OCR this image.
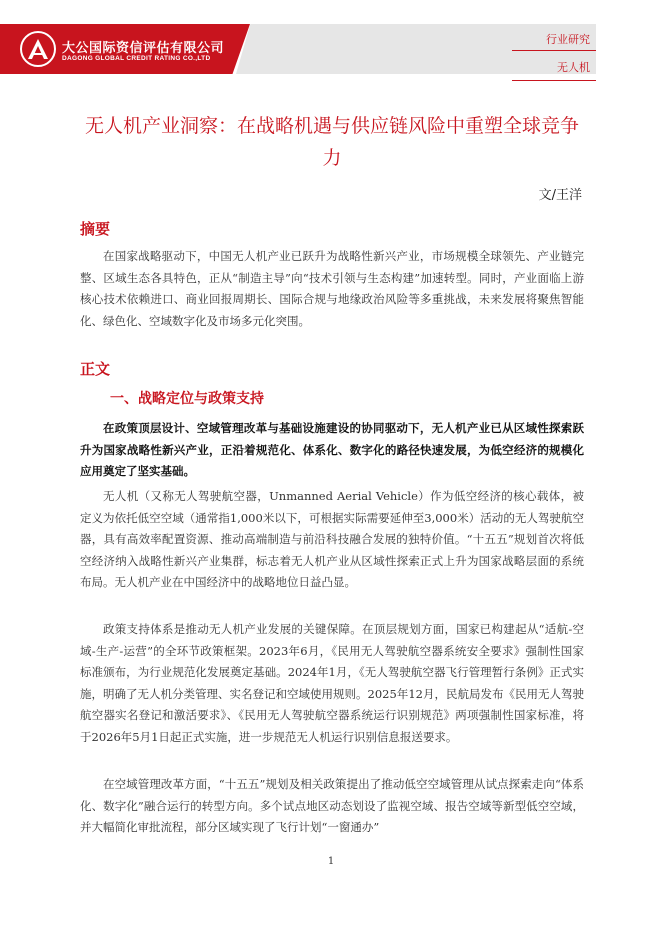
大公国际资信评估有限公司
DAGONG GLOBAL CREDIT RATING CO.,LTD
行业研究
无人机
无人机产业洞察：在战略机遇与供应链风险中重塑全球竞争力
文/王洋
摘要

在国家战略驱动下，中国无人机产业已跃升为战略性新兴产业，市场规模全球领先、产业链完整、区域生态各具特色，正从“制造主导”向“技术引领与生态构建”加速转型。同时，产业面临上游核心技术依赖进口、商业回报周期长、国际合规与地缘政治风险等多重挑战，未来发展将聚焦智能化、绿色化、空域数字化及市场多元化突围。

正文
一、战略定位与政策支持

在政策顶层设计、空域管理改革与基础设施建设的协同驱动下，无人机产业已从区域性探索跃升为国家战略性新兴产业，正沿着规范化、体系化、数字化的路径快速发展，为低空经济的规模化应用奠定了坚实基础。

无人机（又称无人驾驶航空器，Unmanned Aerial Vehicle）作为低空经济的核心载体，被定义为依托低空空域（通常指1,000米以下，可根据实际需要延伸至3,000米）活动的无人驾驶航空器，具有高效率配置资源、推动高端制造与前沿科技融合发展的独特价值。“十五五”规划首次将低空经济纳入战略性新兴产业集群，标志着无人机产业从区域性探索正式上升为国家战略层面的系统布局。无人机产业在中国经济中的战略地位日益凸显。

政策支持体系是推动无人机产业发展的关键保障。在顶层规划方面，国家已构建起从“适航-空域-生产-运营”的全环节政策框架。2023年6月，《民用无人驾驶航空器系统安全要求》强制性国家标准颁布，为行业规范化发展奠定基础。2024年1月，《无人驾驶航空器飞行管理暂行条例》正式实施，明确了无人机分类管理、实名登记和空域使用规则。2025年12月，民航局发布《民用无人驾驶航空器实名登记和激活要求》、《民用无人驾驶航空器系统运行识别规范》两项强制性国家标准，将于2026年5月1日起正式实施，进一步规范无人机运行识别信息报送要求。

在空域管理改革方面，“十五五”规划及相关政策提出了推动低空空域管理从试点探索走向“体系化、数字化”融合运行的转型方向。多个试点地区动态划设了监视空域、报告空域等新型低空空域，并大幅简化审批流程，部分区域实现了飞行计划“一窗通办”

1
